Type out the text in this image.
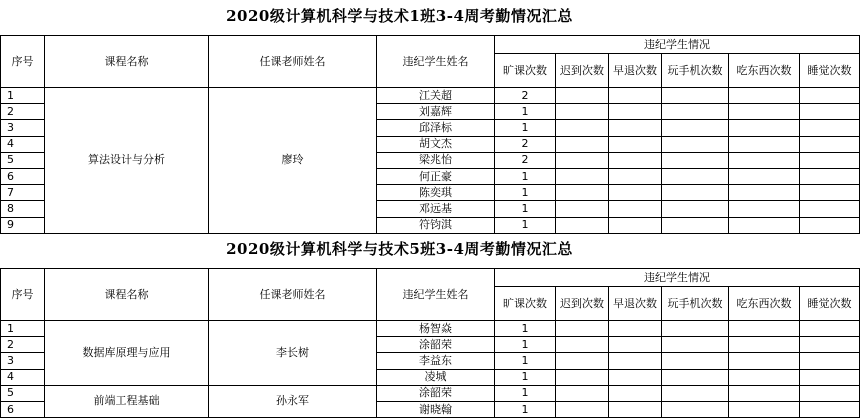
2020级计算机科学与技术1班3-4周考勤情况汇总
序号	课程名称	任课老师姓名	违纪学生姓名	违纪学生情况					
				旷课次数	迟到次数	早退次数	玩手机次数	吃东西次数	睡觉次数
1	算法设计与分析	廖玲	江关超	2					
2			刘嘉辉	1					
3			邱泽标	1					
4			胡文杰	2					
5			梁兆怡	2					
6			何正豪	1					
7			陈奕琪	1					
8			邓远基	1					
9			符钧淇	1					
2020级计算机科学与技术5班3-4周考勤情况汇总
序号	课程名称	任课老师姓名	违纪学生姓名	违纪学生情况					
				旷课次数	迟到次数	早退次数	玩手机次数	吃东西次数	睡觉次数
1	数据库原理与应用	李长树	杨智焱	1					
2			涂韶荣	1					
3			李益东	1					
4			凌城	1					
5	前端工程基础	孙永军	涂韶荣	1					
6			谢晓翰	1					
